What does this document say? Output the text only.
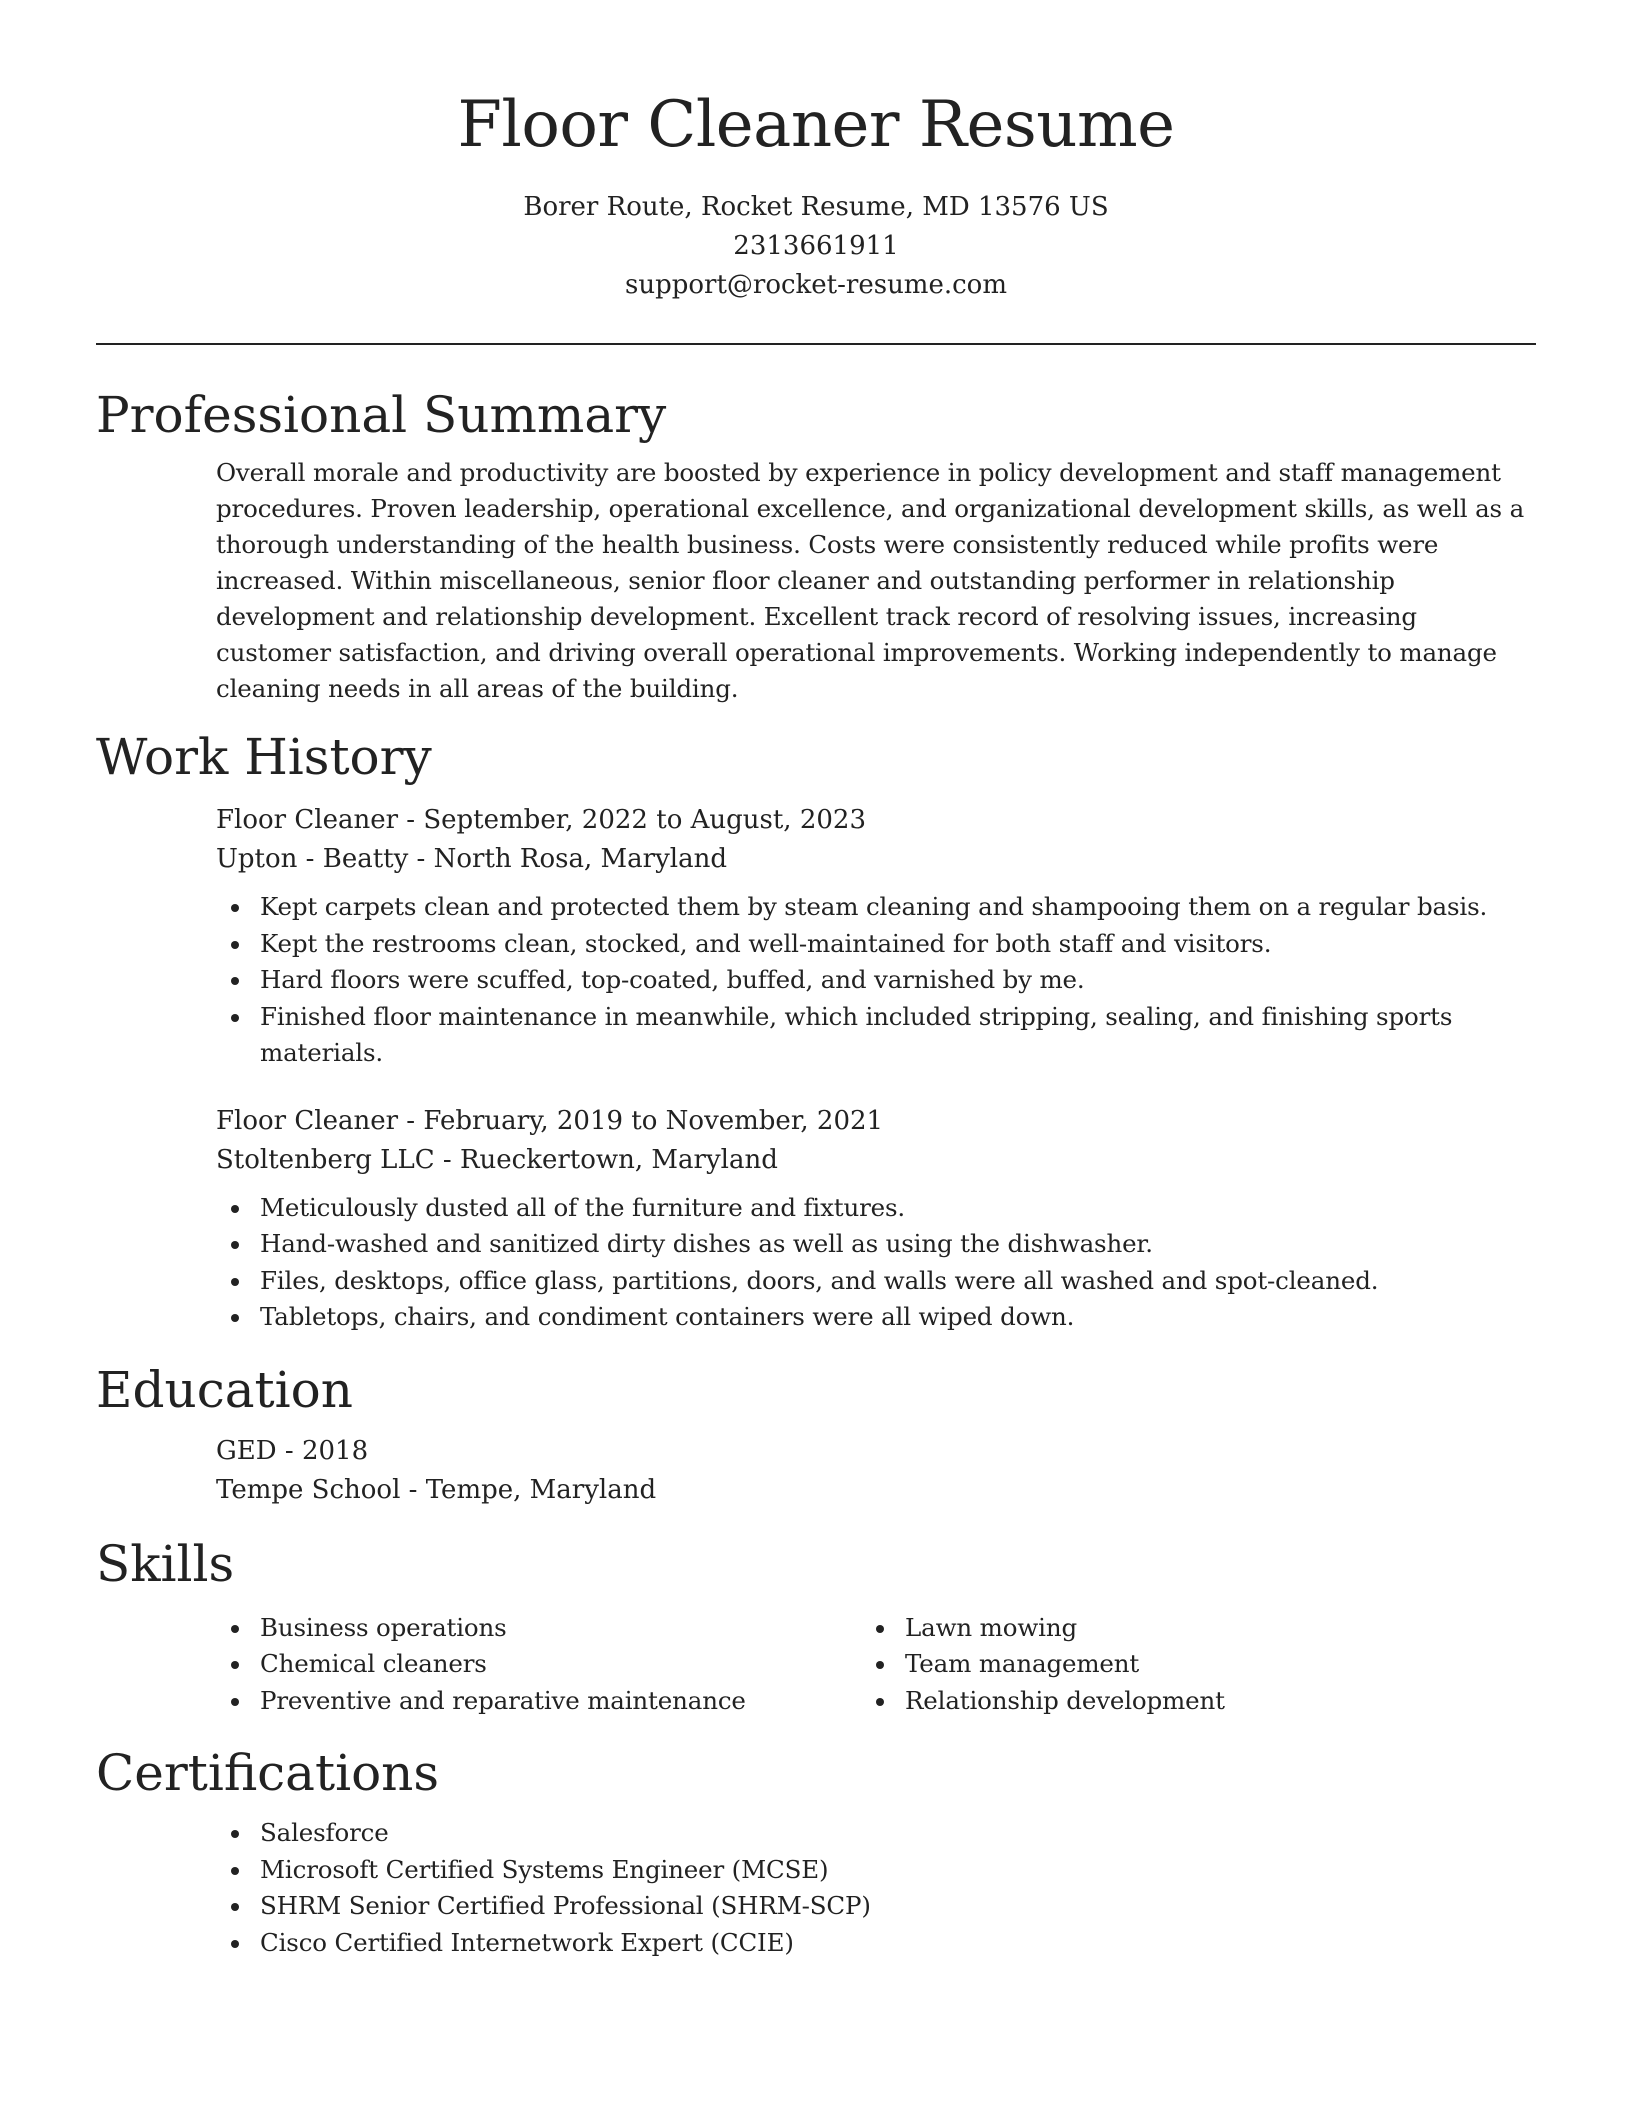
Floor Cleaner Resume
Borer Route, Rocket Resume, MD 13576 US
2313661911
support@rocket-resume.com
Professional Summary

Overall morale and productivity are boosted by experience in policy development and staff management procedures. Proven leadership, operational excellence, and organizational development skills, as well as a thorough understanding of the health business. Costs were consistently reduced while profits were increased. Within miscellaneous, senior floor cleaner and outstanding performer in relationship development and relationship development. Excellent track record of resolving issues, increasing customer satisfaction, and driving overall operational improvements. Working independently to manage cleaning needs in all areas of the building.

Work History
Floor Cleaner - September, 2022 to August, 2023
Upton - Beatty - North Rosa, Maryland
Kept carpets clean and protected them by steam cleaning and shampooing them on a regular basis.
Kept the restrooms clean, stocked, and well-maintained for both staff and visitors.
Hard floors were scuffed, top-coated, buffed, and varnished by me.
Finished floor maintenance in meanwhile, which included stripping, sealing, and finishing sports materials.
Floor Cleaner - February, 2019 to November, 2021
Stoltenberg LLC - Rueckertown, Maryland
Meticulously dusted all of the furniture and fixtures.
Hand-washed and sanitized dirty dishes as well as using the dishwasher.
Files, desktops, office glass, partitions, doors, and walls were all washed and spot-cleaned.
Tabletops, chairs, and condiment containers were all wiped down.
Education
GED - 2018
Tempe School - Tempe, Maryland
Skills
Business operations
Chemical cleaners
Preventive and reparative maintenance
Lawn mowing
Team management
Relationship development
Certifications
Salesforce
Microsoft Certified Systems Engineer (MCSE)
SHRM Senior Certified Professional (SHRM-SCP)
Cisco Certified Internetwork Expert (CCIE)
